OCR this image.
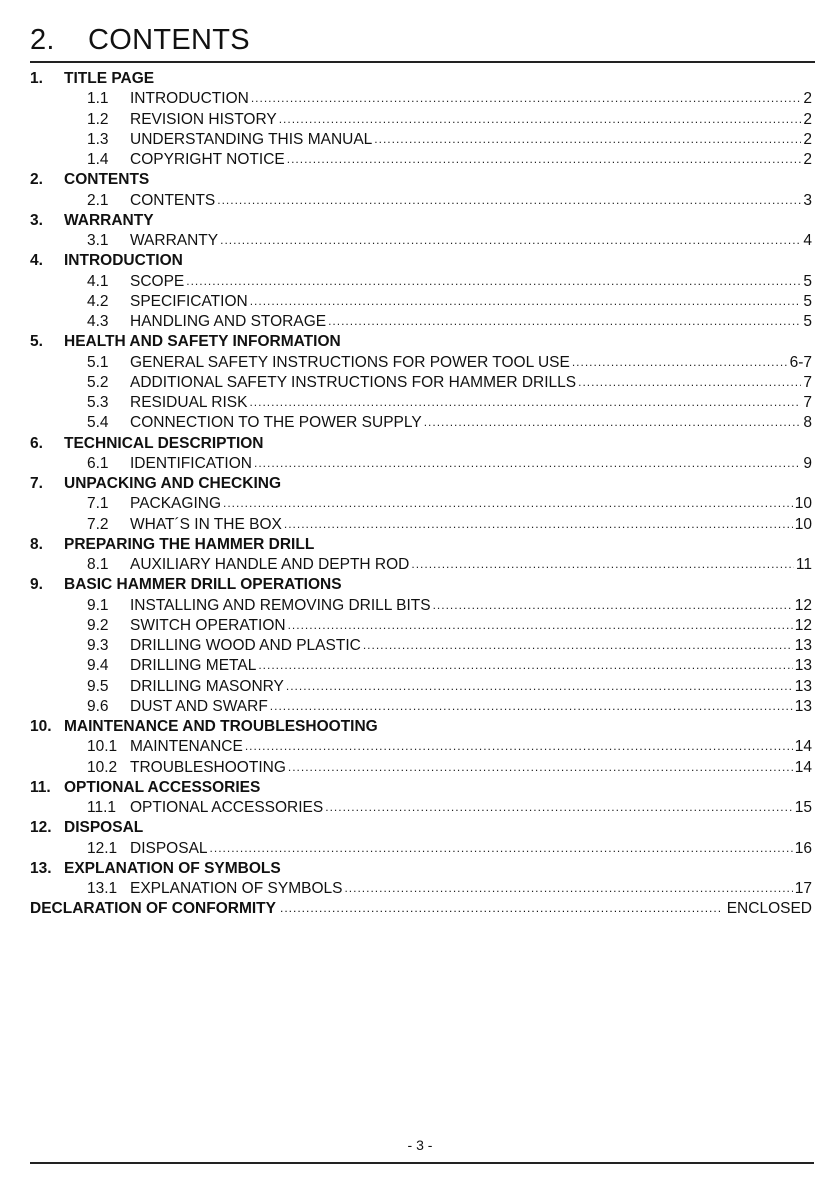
2.	CONTENTS
1.	TITLE PAGE
1.1	INTRODUCTION .....	2
1.2	REVISION HISTORY .....	2
1.3	UNDERSTANDING THIS MANUAL .....	2
1.4	COPYRIGHT NOTICE .....	2
2.	CONTENTS
2.1	CONTENTS .....	3
3.	WARRANTY
3.1	WARRANTY .....	4
4.	INTRODUCTION
4.1	SCOPE .....	5
4.2	SPECIFICATION .....	5
4.3	HANDLING AND STORAGE .....	5
5.	HEALTH AND SAFETY INFORMATION
5.1	GENERAL SAFETY INSTRUCTIONS FOR POWER TOOL USE .....	6-7
5.2	ADDITIONAL SAFETY INSTRUCTIONS FOR HAMMER DRILLS .....	7
5.3	RESIDUAL RISK .....	7
5.4	CONNECTION TO THE POWER SUPPLY .....	8
6.	TECHNICAL DESCRIPTION
6.1	IDENTIFICATION .....	9
7.	UNPACKING AND CHECKING
7.1	PACKAGING .....	10
7.2	WHAT´S IN THE BOX .....	10
8.	PREPARING THE HAMMER DRILL
8.1	AUXILIARY HANDLE AND DEPTH ROD .....	11
9.	BASIC HAMMER DRILL OPERATIONS
9.1	INSTALLING AND REMOVING DRILL BITS .....	12
9.2	SWITCH OPERATION .....	12
9.3	DRILLING WOOD AND PLASTIC .....	13
9.4	DRILLING METAL .....	13
9.5	DRILLING MASONRY .....	13
9.6	DUST AND SWARF .....	13
10. MAINTENANCE AND TROUBLESHOOTING
10.1 MAINTENANCE .....	14
10.2 TROUBLESHOOTING .....	14
11. OPTIONAL ACCESSORIES
11.1 OPTIONAL ACCESSORIES .....	15
12. DISPOSAL
12.1 DISPOSAL .....	16
13. EXPLANATION OF SYMBOLS
13.1 EXPLANATION OF SYMBOLS .....	17
DECLARATION OF CONFORMITY .....	ENCLOSED
- 3 -
